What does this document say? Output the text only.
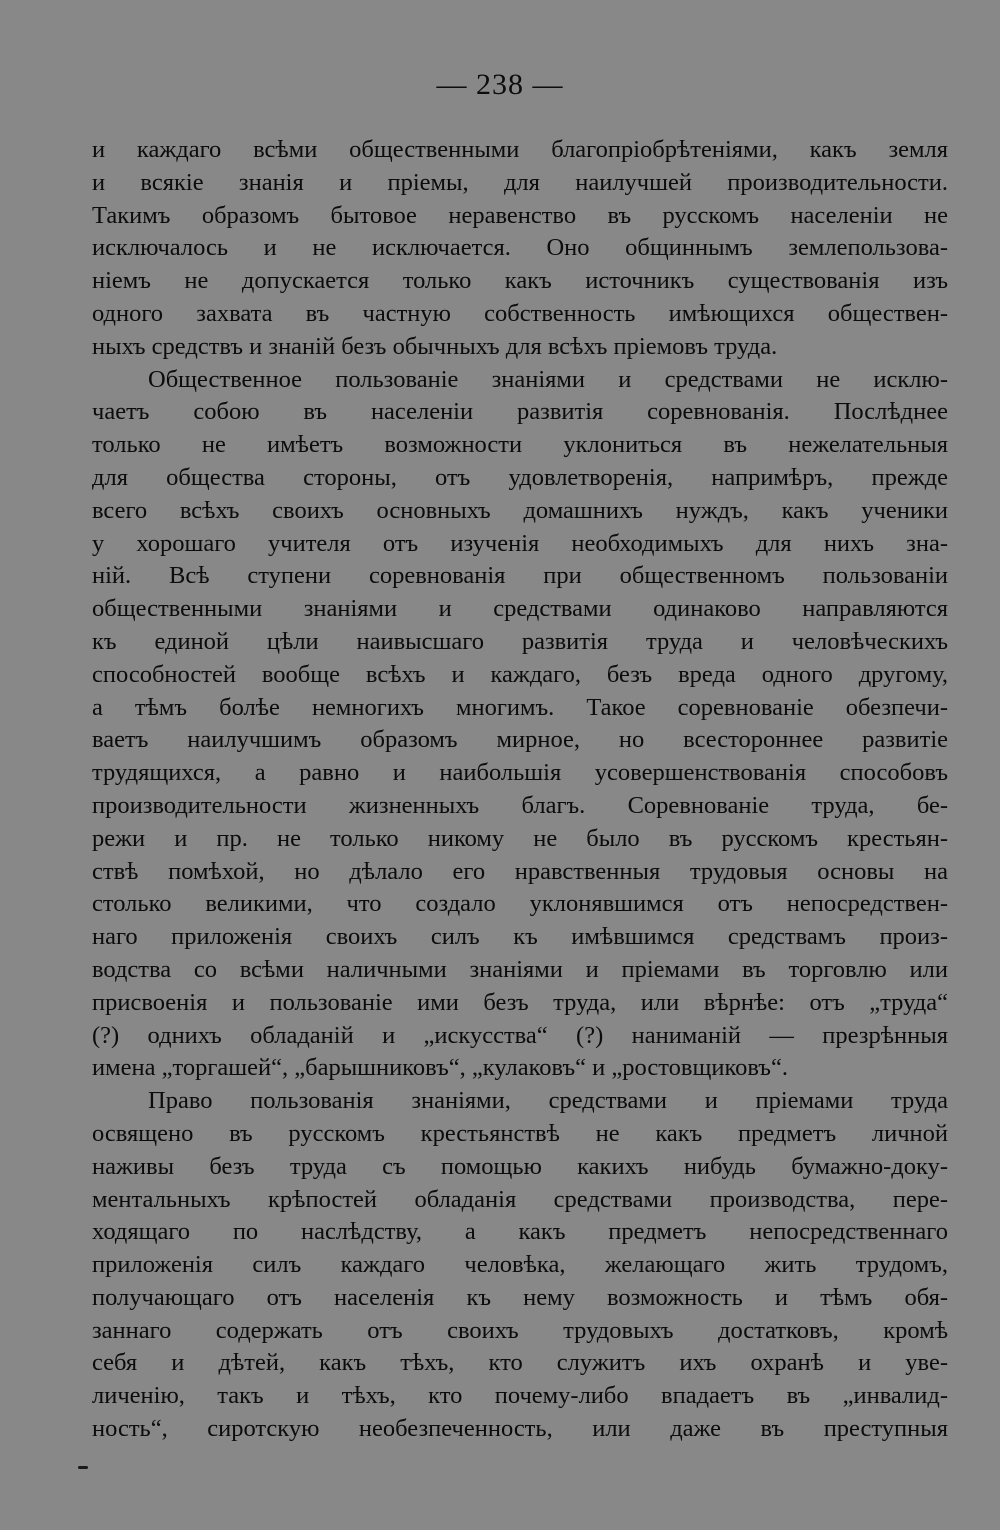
— 238 —
и каждаго всѣми общественными благопріобрѣтеніями, какъ земля
и всякіе знанія и пріемы, для наилучшей производительности.
Такимъ образомъ бытовое неравенство въ русскомъ населеніи не
исключалось и не исключается. Оно общиннымъ землепользова-
ніемъ не допускается только какъ источникъ существованія изъ
одного захвата въ частную собственность имѣющихся обществен-
ныхъ средствъ и знаній безъ обычныхъ для всѣхъ пріемовъ труда.
Общественное пользованіе знаніями и средствами не исклю-
чаетъ собою въ населеніи развитія соревнованія. Послѣднее
только не имѣетъ возможности уклониться въ нежелательныя
для общества стороны, отъ удовлетворенія, напримѣръ, прежде
всего всѣхъ своихъ основныхъ домашнихъ нуждъ, какъ ученики
у хорошаго учителя отъ изученія необходимыхъ для нихъ зна-
ній. Всѣ ступени соревнованія при общественномъ пользованіи
общественными знаніями и средствами одинаково направляются
къ единой цѣли наивысшаго развитія труда и человѣческихъ
способностей вообще всѣхъ и каждаго, безъ вреда одного другому,
а тѣмъ болѣе немногихъ многимъ. Такое соревнованіе обезпечи-
ваетъ наилучшимъ образомъ мирное, но всестороннее развитіе
трудящихся, а равно и наибольшія усовершенствованія способовъ
производительности жизненныхъ благъ. Соревнованіе труда, бе-
режи и пр. не только никому не было въ русскомъ крестьян-
ствѣ помѣхой, но дѣлало его нравственныя трудовыя основы на
столько великими, что создало уклонявшимся отъ непосредствен-
наго приложенія своихъ силъ къ имѣвшимся средствамъ произ-
водства со всѣми наличными знаніями и пріемами въ торговлю или
присвоенія и пользованіе ими безъ труда, или вѣрнѣе: отъ „труда“
(?) однихъ обладаній и „искусства“ (?) наниманій — презрѣнныя
имена „торгашей“, „барышниковъ“, „кулаковъ“ и „ростовщиковъ“.
Право пользованія знаніями, средствами и пріемами труда
освящено въ русскомъ крестьянствѣ не какъ предметъ личной
наживы безъ труда съ помощью какихъ нибудь бумажно-доку-
ментальныхъ крѣпостей обладанія средствами производства, пере-
ходящаго по наслѣдству, а какъ предметъ непосредственнаго
приложенія силъ каждаго человѣка, желающаго жить трудомъ,
получающаго отъ населенія къ нему возможность и тѣмъ обя-
заннаго содержать отъ своихъ трудовыхъ достатковъ, кромѣ
себя и дѣтей, какъ тѣхъ, кто служитъ ихъ охранѣ и уве-
личенію, такъ и тѣхъ, кто почему-либо впадаетъ въ „инвалид-
ность“, сиротскую необезпеченность, или даже въ преступныя
